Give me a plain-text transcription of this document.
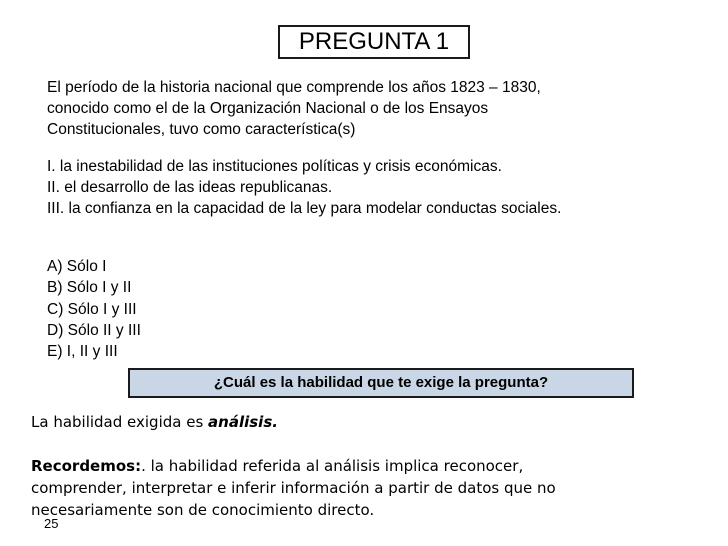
PREGUNTA 1
El período de la historia nacional que comprende los años 1823 – 1830,
conocido como el de la Organización Nacional o de los Ensayos
Constitucionales, tuvo como característica(s)
I. la inestabilidad de las instituciones políticas y crisis económicas.
II. el desarrollo de las ideas republicanas.
III. la confianza en la capacidad de la ley para modelar conductas sociales.
A) Sólo I
B) Sólo I y II
C) Sólo I y III
D) Sólo II y III
E) I, II y III
¿Cuál es la habilidad que te exige la pregunta?
La habilidad exigida es análisis.
Recordemos:. la habilidad referida al análisis implica reconocer,
comprender, interpretar e inferir información a partir de datos que no
necesariamente son de conocimiento directo.
25
